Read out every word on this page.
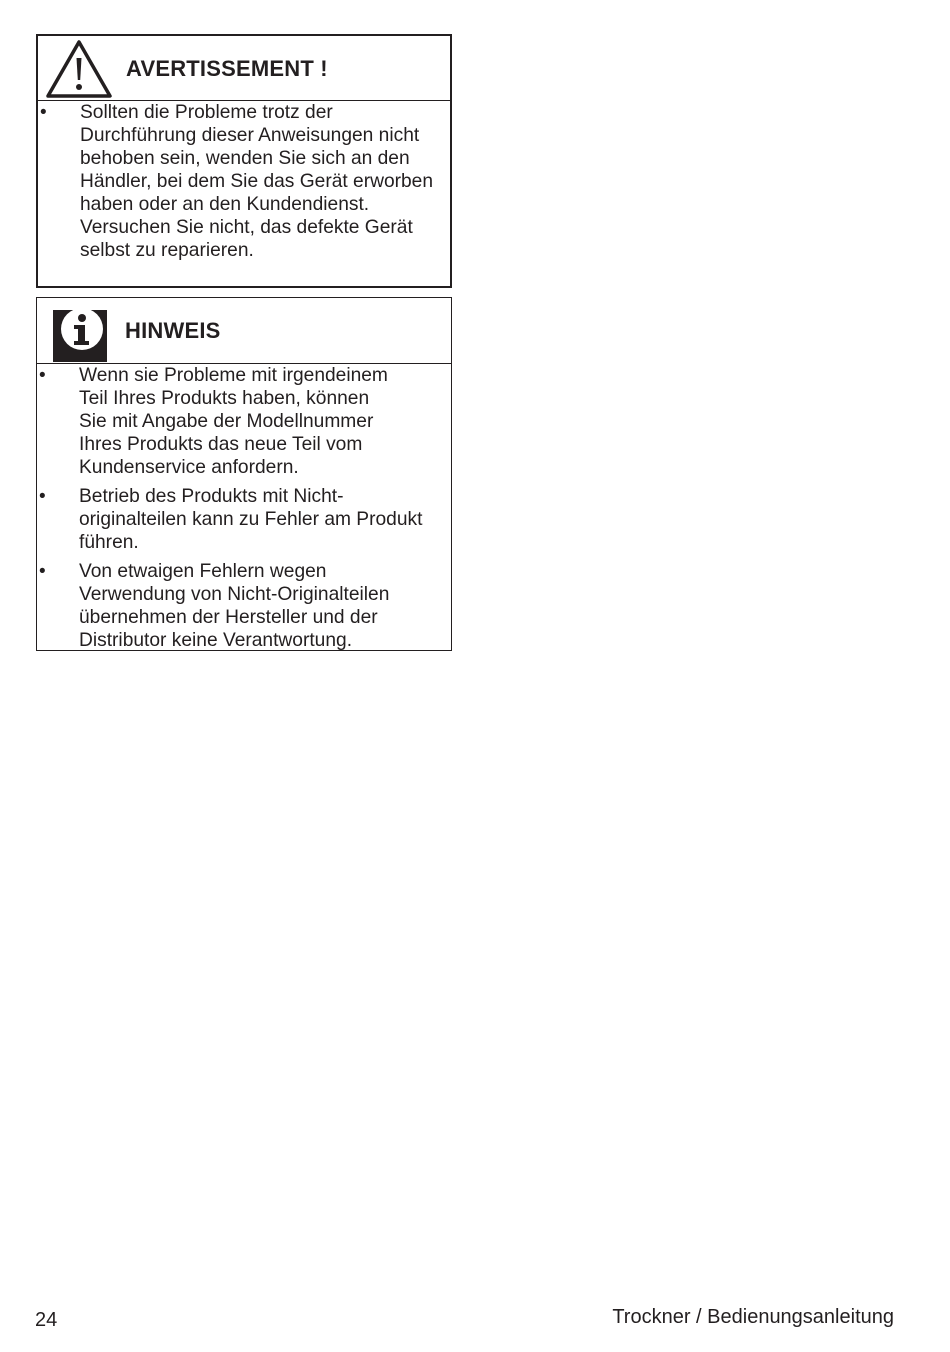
AVERTISSEMENT !
• Sollten die Probleme trotz der
Durchführung dieser Anweisungen nicht
behoben sein, wenden Sie sich an den
Händler, bei dem Sie das Gerät erworben
haben oder an den Kundendienst.
Versuchen Sie nicht, das defekte Gerät
selbst zu reparieren.
HINWEIS
• Wenn sie Probleme mit irgendeinem
Teil Ihres Produkts haben, können
Sie mit Angabe der Modellnummer
Ihres Produkts das neue Teil vom
Kundenservice anfordern.
• Betrieb des Produkts mit Nicht-
originalteilen kann zu Fehler am Produkt
führen.
• Von etwaigen Fehlern wegen
Verwendung von Nicht-Originalteilen
übernehmen der Hersteller und der
Distributor keine Verantwortung.
24	Trockner / Bedienungsanleitung
